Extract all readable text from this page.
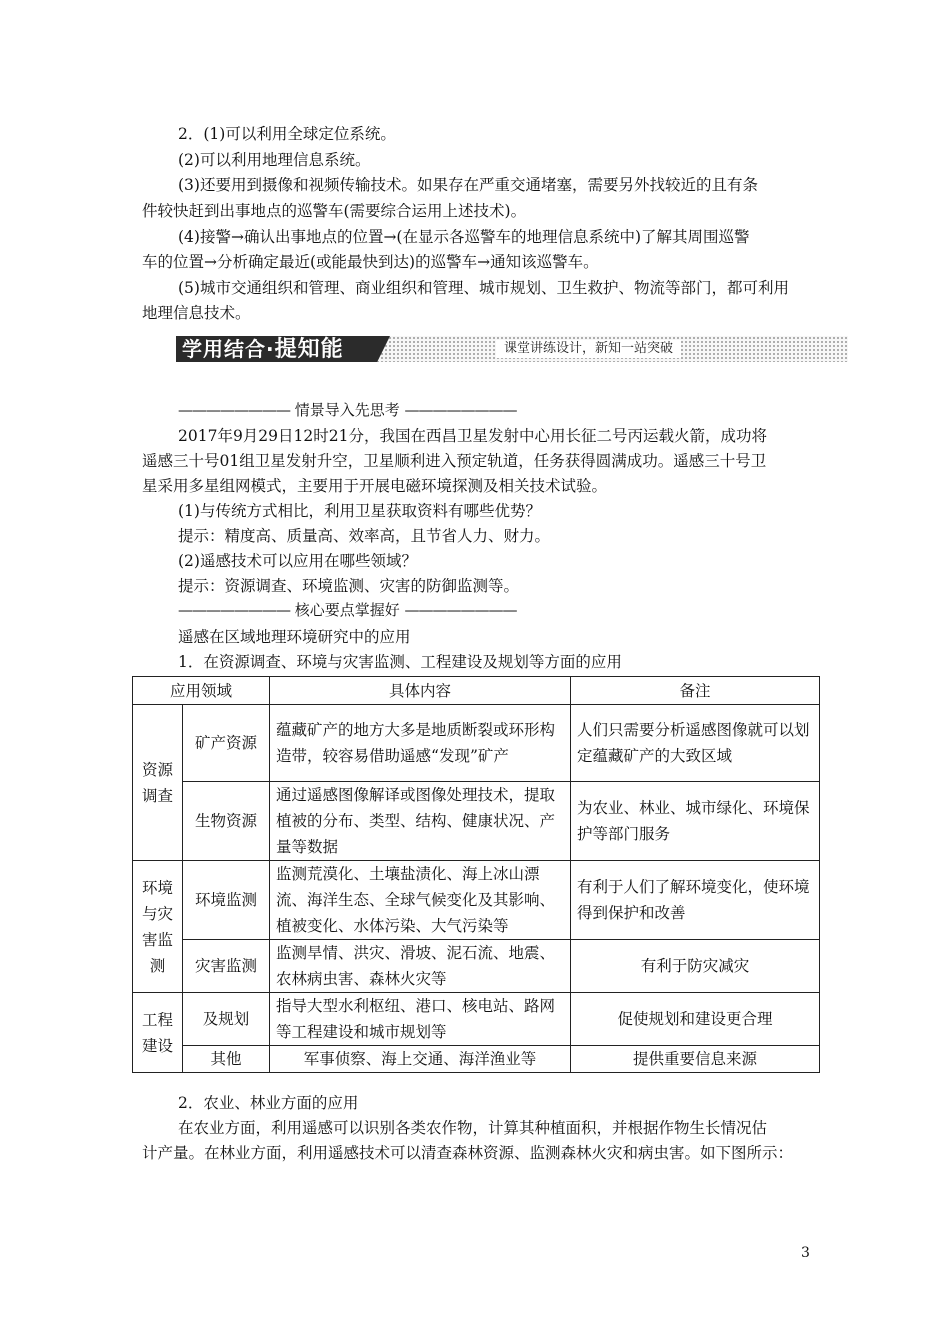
2．(1)可以利用全球定位系统。
(2)可以利用地理信息系统。
(3)还要用到摄像和视频传输技术。如果存在严重交通堵塞，需要另外找较近的且有条
件较快赶到出事地点的巡警车(需要综合运用上述技术)。
(4)接警→确认出事地点的位置→(在显示各巡警车的地理信息系统中)了解其周围巡警
车的位置→分析确定最近(或能最快到达)的巡警车→通知该巡警车。
(5)城市交通组织和管理、商业组织和管理、城市规划、卫生救护、物流等部门，都可利用
地理信息技术。
学用结合·提知能	课堂讲练设计，新知一站突破
———————— 情景导入先思考 ————————
2017年9月29日12时21分，我国在西昌卫星发射中心用长征二号丙运载火箭，成功将
遥感三十号01组卫星发射升空，卫星顺利进入预定轨道，任务获得圆满成功。遥感三十号卫
星采用多星组网模式，主要用于开展电磁环境探测及相关技术试验。
(1)与传统方式相比，利用卫星获取资料有哪些优势？
提示：精度高、质量高、效率高，且节省人力、财力。
(2)遥感技术可以应用在哪些领域？
提示：资源调查、环境监测、灾害的防御监测等。
———————— 核心要点掌握好 ————————
遥感在区域地理环境研究中的应用
1．在资源调查、环境与灾害监测、工程建设及规划等方面的应用
应用领域		具体内容	备注
资源调查	矿产资源	蕴藏矿产的地方大多是地质断裂或环形构造带，较容易借助遥感“发现”矿产	人们只需要分析遥感图像就可以划定蕴藏矿产的大致区域
	生物资源	通过遥感图像解译或图像处理技术，提取植被的分布、类型、结构、健康状况、产量等数据	为农业、林业、城市绿化、环境保护等部门服务
环境与灾害监测	环境监测	监测荒漠化、土壤盐渍化、海上冰山漂流、海洋生态、全球气候变化及其影响、植被变化、水体污染、大气污染等	有利于人们了解环境变化，使环境得到保护和改善
	灾害监测	监测旱情、洪灾、滑坡、泥石流、地震、农林病虫害、森林火灾等	有利于防灾减灾
工程建设	及规划	指导大型水利枢纽、港口、核电站、路网等工程建设和城市规划等	促使规划和建设更合理
	其他	军事侦察、海上交通、海洋渔业等	提供重要信息来源
2．农业、林业方面的应用
在农业方面，利用遥感可以识别各类农作物，计算其种植面积，并根据作物生长情况估
计产量。在林业方面，利用遥感技术可以清查森林资源、监测森林火灾和病虫害。如下图所示：
3
